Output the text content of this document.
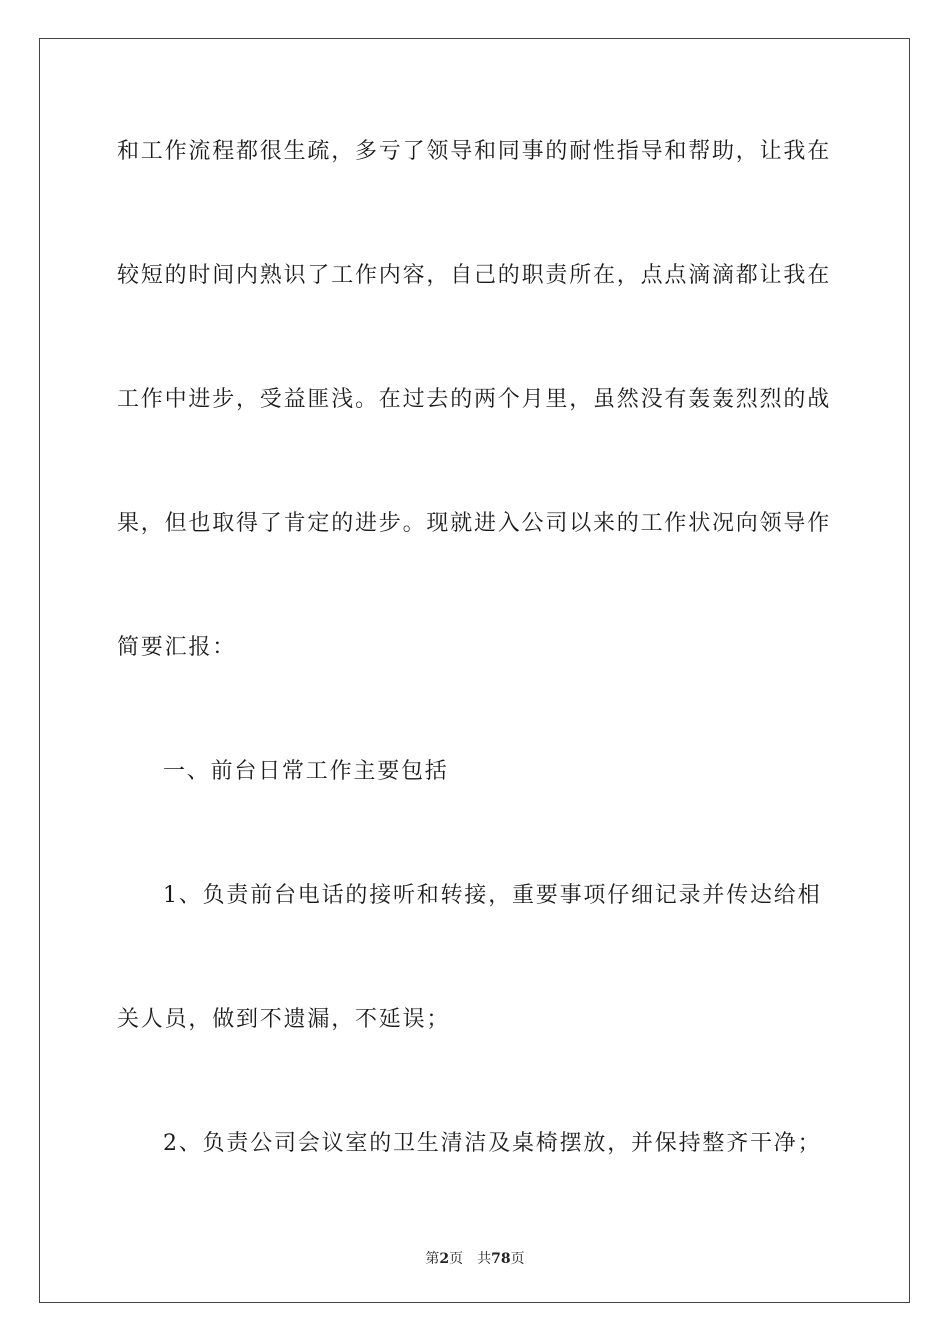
和工作流程都很生疏，多亏了领导和同事的耐性指导和帮助，让我在
较短的时间内熟识了工作内容，自己的职责所在，点点滴滴都让我在
工作中进步，受益匪浅。在过去的两个月里，虽然没有轰轰烈烈的战
果，但也取得了肯定的进步。现就进入公司以来的工作状况向领导作
简要汇报：
一、前台日常工作主要包括
1、负责前台电话的接听和转接，重要事项仔细记录并传达给相
关人员，做到不遗漏，不延误；
2、负责公司会议室的卫生清洁及桌椅摆放，并保持整齐干净；
第2页 共78页
